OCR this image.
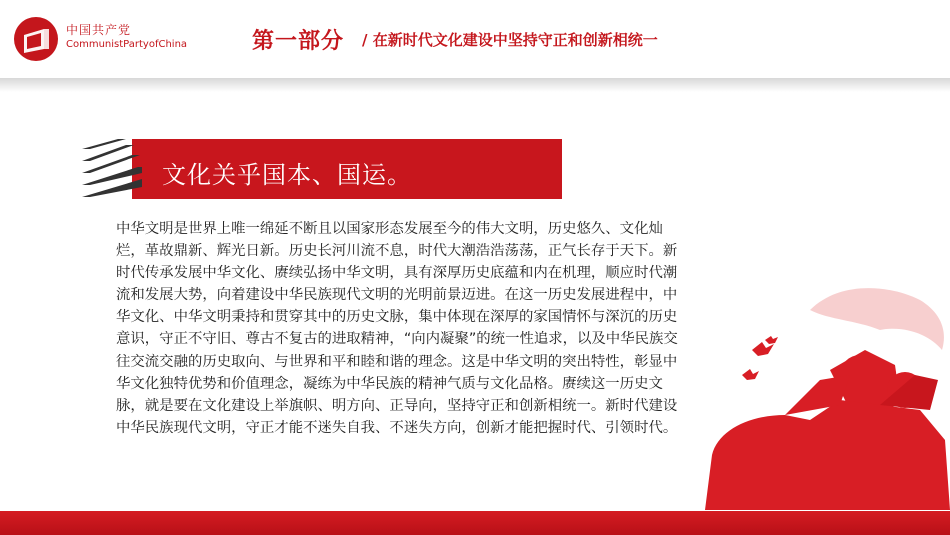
中国共产党
CommunistPartyofChina	第一部分 / 在新时代文化建设中坚持守正和创新相统一
文化关乎国本、国运。

中华文明是世界上唯一绵延不断且以国家形态发展至今的伟大文明，历史悠久、文化灿烂，革故鼎新、辉光日新。历史长河川流不息，时代大潮浩浩荡荡，正气长存于天下。新时代传承发展中华文化、赓续弘扬中华文明，具有深厚历史底蕴和内在机理，顺应时代潮流和发展大势，向着建设中华民族现代文明的光明前景迈进。在这一历史发展进程中，中华文化、中华文明秉持和贯穿其中的历史文脉，集中体现在深厚的家国情怀与深沉的历史意识，守正不守旧、尊古不复古的进取精神，“向内凝聚”的统一性追求，以及中华民族交往交流交融的历史取向、与世界和平和睦和谐的理念。这是中华文明的突出特性，彰显中华文化独特优势和价值理念，凝练为中华民族的精神气质与文化品格。赓续这一历史文脉，就是要在文化建设上举旗帜、明方向、正导向，坚持守正和创新相统一。新时代建设中华民族现代文明，守正才能不迷失自我、不迷失方向，创新才能把握时代、引领时代。
